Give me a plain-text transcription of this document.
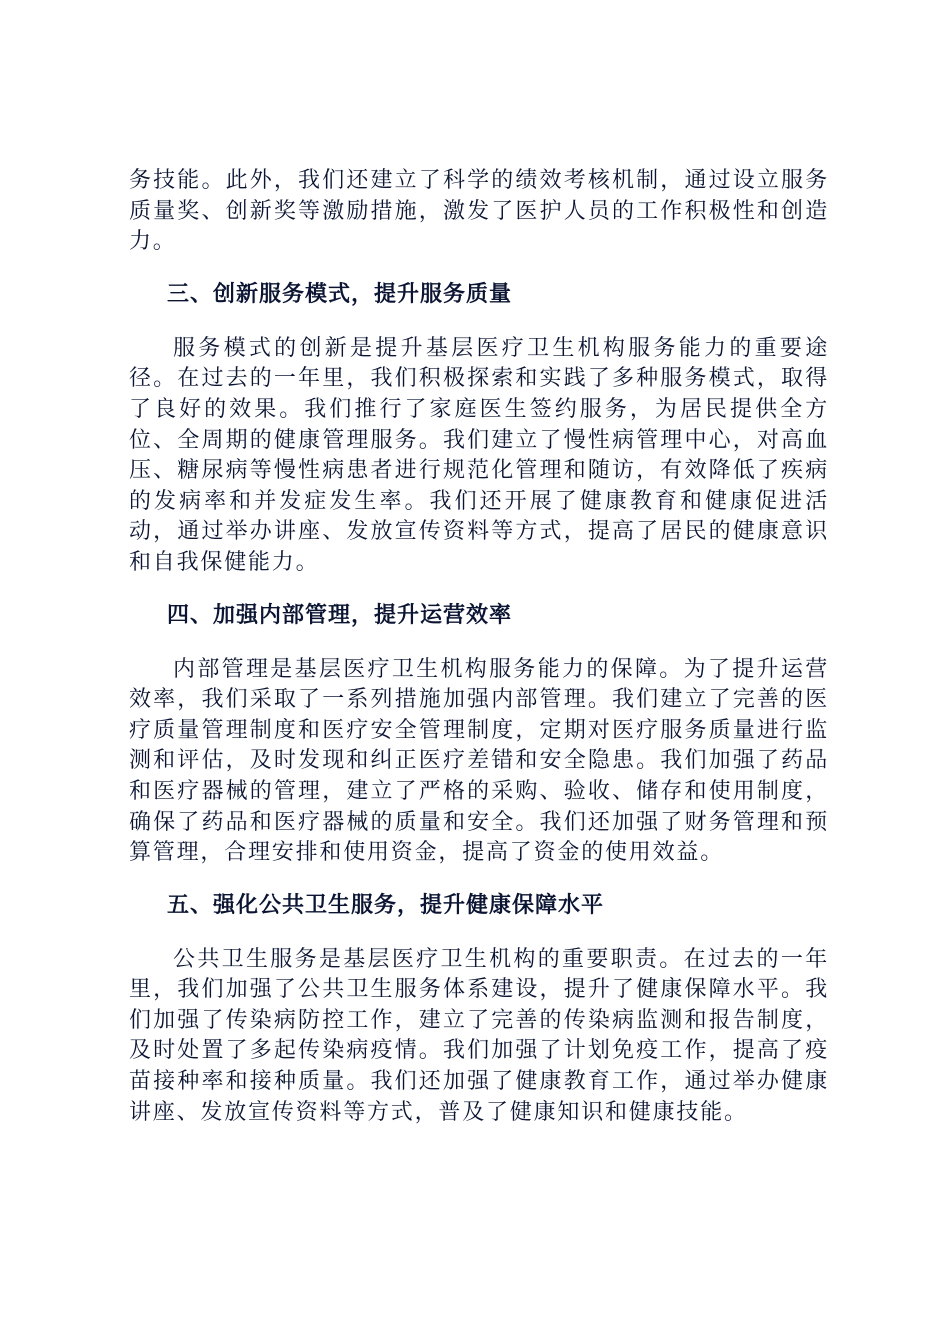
务技能。此外，我们还建立了科学的绩效考核机制，通过设立服务质量奖、创新奖等激励措施，激发了医护人员的工作积极性和创造力。

三、创新服务模式，提升服务质量

服务模式的创新是提升基层医疗卫生机构服务能力的重要途径。在过去的一年里，我们积极探索和实践了多种服务模式，取得了良好的效果。我们推行了家庭医生签约服务，为居民提供全方位、全周期的健康管理服务。我们建立了慢性病管理中心，对高血压、糖尿病等慢性病患者进行规范化管理和随访，有效降低了疾病的发病率和并发症发生率。我们还开展了健康教育和健康促进活动，通过举办讲座、发放宣传资料等方式，提高了居民的健康意识和自我保健能力。

四、加强内部管理，提升运营效率

内部管理是基层医疗卫生机构服务能力的保障。为了提升运营效率，我们采取了一系列措施加强内部管理。我们建立了完善的医疗质量管理制度和医疗安全管理制度，定期对医疗服务质量进行监测和评估，及时发现和纠正医疗差错和安全隐患。我们加强了药品和医疗器械的管理，建立了严格的采购、验收、储存和使用制度，确保了药品和医疗器械的质量和安全。我们还加强了财务管理和预算管理，合理安排和使用资金，提高了资金的使用效益。

五、强化公共卫生服务，提升健康保障水平

公共卫生服务是基层医疗卫生机构的重要职责。在过去的一年里，我们加强了公共卫生服务体系建设，提升了健康保障水平。我们加强了传染病防控工作，建立了完善的传染病监测和报告制度，及时处置了多起传染病疫情。我们加强了计划免疫工作，提高了疫苗接种率和接种质量。我们还加强了健康教育工作，通过举办健康讲座、发放宣传资料等方式，普及了健康知识和健康技能。
